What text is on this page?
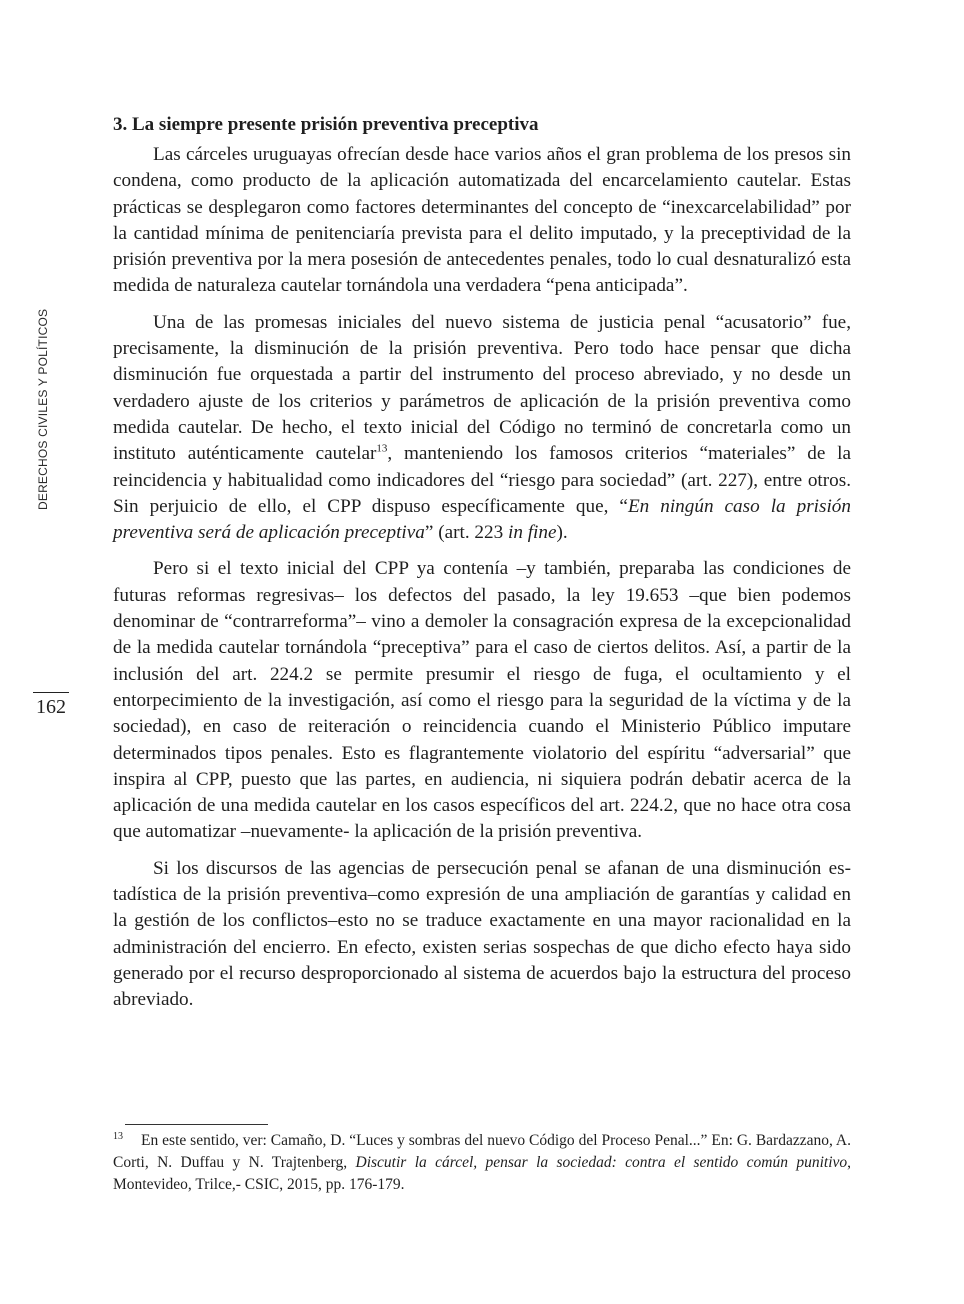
DERECHOS CIVILES Y POLÍTICOS
162
3. La siempre presente prisión preventiva preceptiva

Las cárceles uruguayas ofrecían desde hace varios años el gran problema de los presos sin condena, como producto de la aplicación automatizada del encarcelamiento cautelar. Estas prácticas se desplegaron como factores determinantes del concepto de “inexcarcelabilidad” por la cantidad mínima de penitenciaría prevista para el delito imputado, y la preceptividad de la prisión preventiva por la mera posesión de antecedentes penales, todo lo cual desnaturalizó esta medida de naturaleza cautelar tornándola una verdadera “pena anticipada”.

Una de las promesas iniciales del nuevo sistema de justicia penal “acusatorio” fue, precisamente, la disminución de la prisión preventiva. Pero todo hace pensar que dicha disminución fue orquestada a partir del instrumento del proceso abreviado, y no desde un verdadero ajuste de los criterios y parámetros de aplicación de la prisión preventiva como medida cautelar. De hecho, el texto inicial del Código no terminó de concretarla como un instituto auténticamente cautelar$^{13}$, manteniendo los famosos criterios “materiales” de la reincidencia y habitualidad como indicadores del “riesgo para sociedad” (art. 227), entre otros. Sin perjuicio de ello, el CPP dispuso específicamente que, “En ningún caso la prisión preventiva será de aplicación preceptiva” (art. 223 in fine).

Pero si el texto inicial del CPP ya contenía –y también, preparaba las condiciones de futuras reformas regresivas– los defectos del pasado, la ley 19.653 –que bien podemos denominar de “contrarreforma”– vino a demoler la consagración expresa de la excepcionalidad de la medida cautelar tornándola “preceptiva” para el caso de ciertos delitos. Así, a partir de la inclusión del art. 224.2 se permite presumir el riesgo de fuga, el ocultamiento y el entorpecimiento de la investigación, así como el riesgo para la seguridad de la víctima y de la sociedad), en caso de reiteración o reincidencia cuando el Ministerio Público imputare determinados tipos penales. Esto es flagrantemente violatorio del espíritu “adversarial” que inspira al CPP, puesto que las partes, en audiencia, ni siquiera podrán debatir acerca de la aplicación de una medida cautelar en los casos específicos del art. 224.2, que no hace otra cosa que automatizar –nuevamente- la aplicación de la prisión preventiva.

Si los discursos de las agencias de persecución penal se afanan de una disminución estadística de la prisión preventiva–como expresión de una ampliación de garantías y calidad en la gestión de los conflictos–esto no se traduce exactamente en una mayor racionalidad en la administración del encierro. En efecto, existen serias sospechas de que dicho efecto haya sido generado por el recurso desproporcionado al sistema de acuerdos bajo la estructura del proceso abreviado.

$^{13}$ En este sentido, ver: Camaño, D. “Luces y sombras del nuevo Código del Proceso Penal...” En: G. Bardazzano, A. Corti, N. Duffau y N. Trajtenberg, Discutir la cárcel, pensar la sociedad: contra el sentido común punitivo, Montevideo, Trilce,- CSIC, 2015, pp. 176-179.
